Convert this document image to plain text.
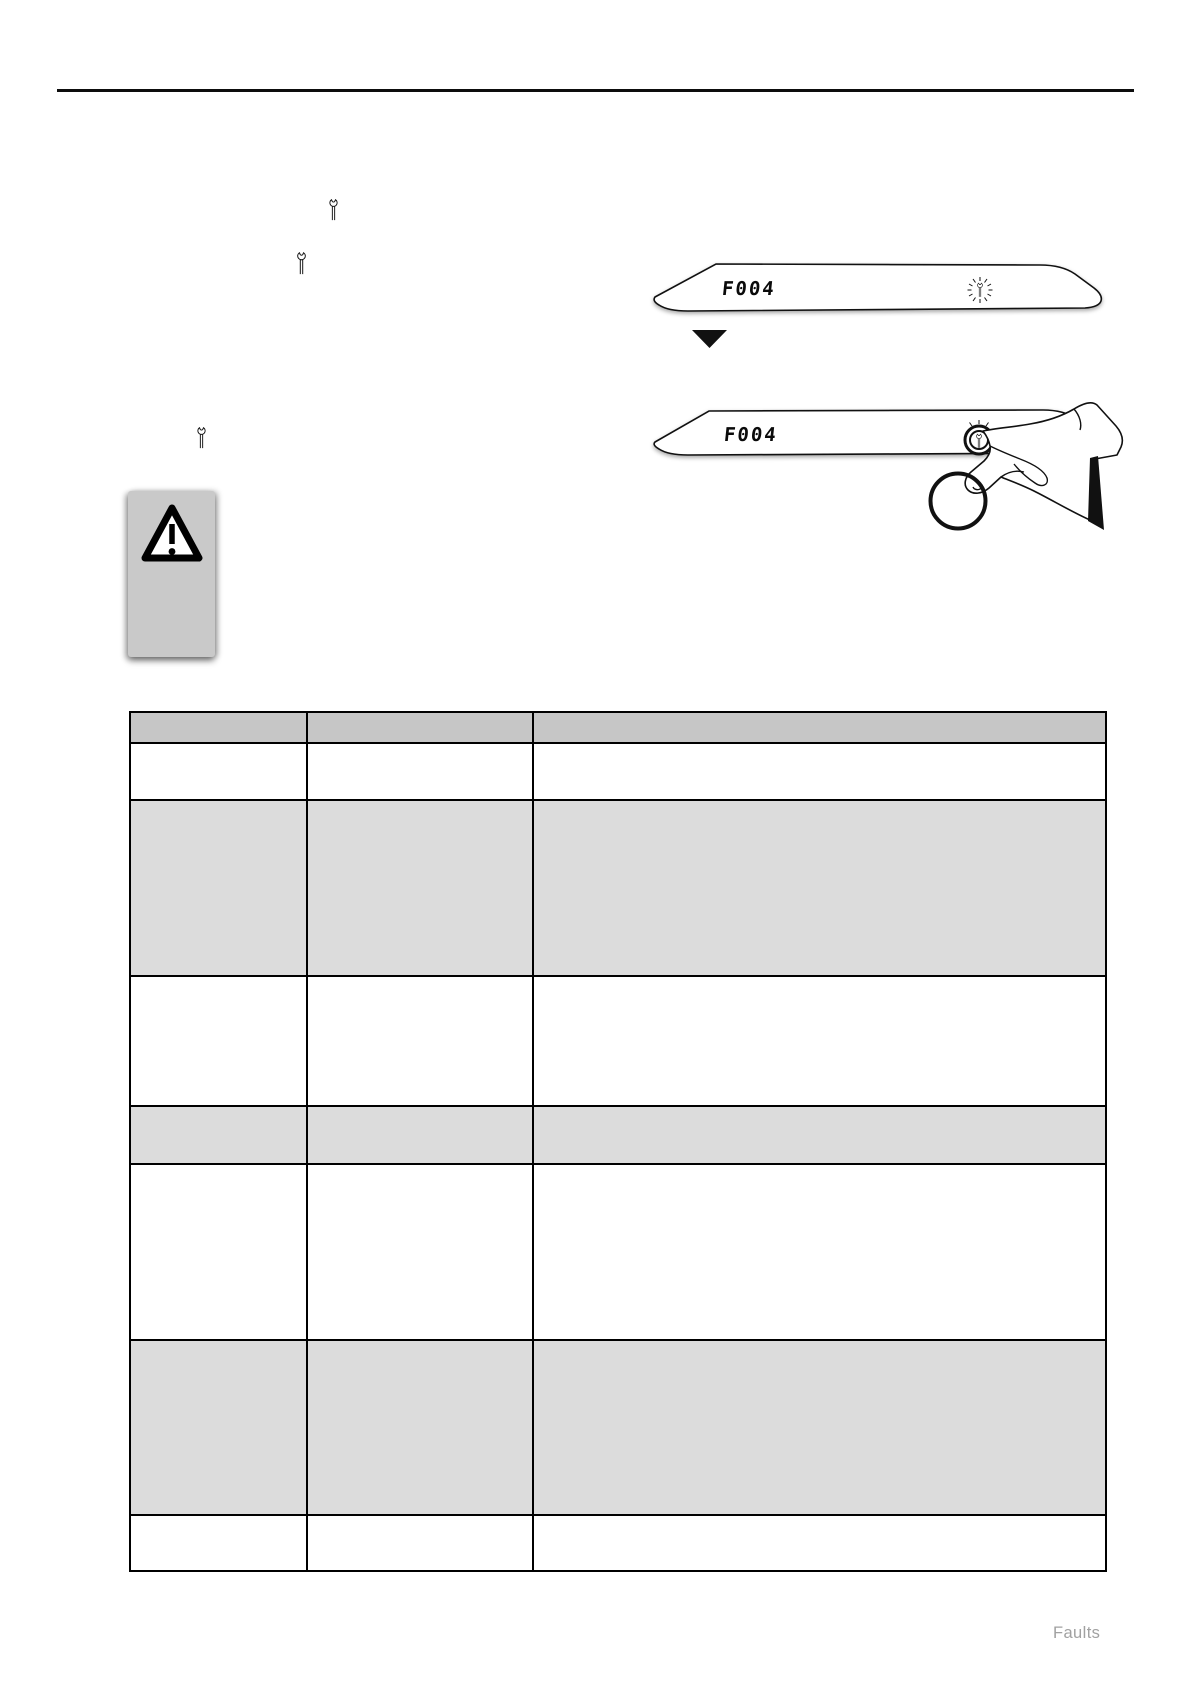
F004
F004

Faults
